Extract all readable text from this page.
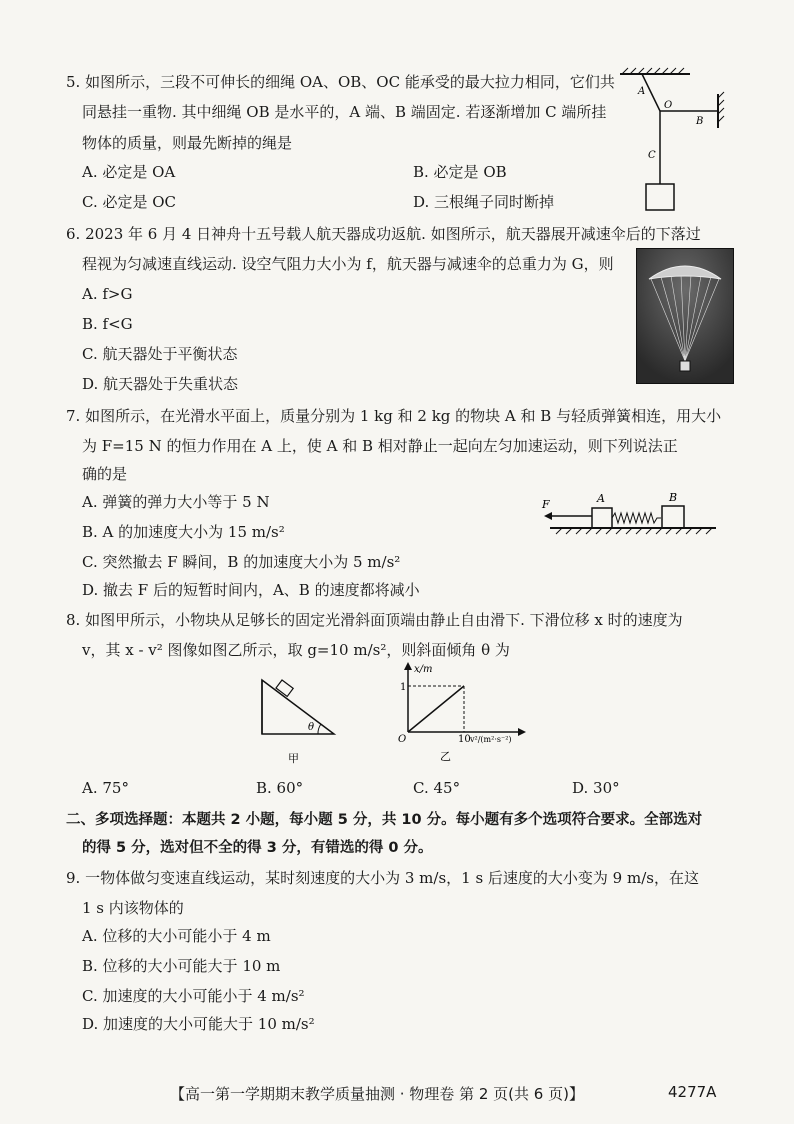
5. 如图所示，三段不可伸长的细绳 OA、OB、OC 能承受的最大拉力相同，它们共
同悬挂一重物. 其中细绳 OB 是水平的，A 端、B 端固定. 若逐渐增加 C 端所挂
物体的质量，则最先断掉的绳是
A. 必定是 OA	B. 必定是 OB
C. 必定是 OC	D. 三根绳子同时断掉
A
O
B
C
6. 2023 年 6 月 4 日神舟十五号载人航天器成功返航. 如图所示，航天器展开减速伞后的下落过
程视为匀减速直线运动. 设空气阻力大小为 f，航天器与减速伞的总重力为 G，则
A. f>G
B. f<G
C. 航天器处于平衡状态
D. 航天器处于失重状态
7. 如图所示，在光滑水平面上，质量分别为 1 kg 和 2 kg 的物块 A 和 B 与轻质弹簧相连，用大小
为 F=15 N 的恒力作用在 A 上，使 A 和 B 相对静止一起向左匀加速运动，则下列说法正
确的是
A. 弹簧的弹力大小等于 5 N
B. A 的加速度大小为 15 m/s²
C. 突然撤去 F 瞬间，B 的加速度大小为 5 m/s²
D. 撤去 F 后的短暂时间内，A、B 的速度都将减小
F	A	B
8. 如图甲所示，小物块从足够长的固定光滑斜面顶端由静止自由滑下. 下滑位移 x 时的速度为
v，其 x - v² 图像如图乙所示，取 g=10 m/s²，则斜面倾角 θ 为
θ
甲
x/m
1
O	10 v²/(m²·s⁻²)
乙
A. 75°	B. 60°	C. 45°	D. 30°
二、多项选择题：本题共 2 小题，每小题 5 分，共 10 分。每小题有多个选项符合要求。全部选对
的得 5 分，选对但不全的得 3 分，有错选的得 0 分。
9. 一物体做匀变速直线运动，某时刻速度的大小为 3 m/s，1 s 后速度的大小变为 9 m/s，在这
1 s 内该物体的
A. 位移的大小可能小于 4 m
B. 位移的大小可能大于 10 m
C. 加速度的大小可能小于 4 m/s²
D. 加速度的大小可能大于 10 m/s²
【高一第一学期期末教学质量抽测 · 物理卷 第 2 页(共 6 页)】	4277A
